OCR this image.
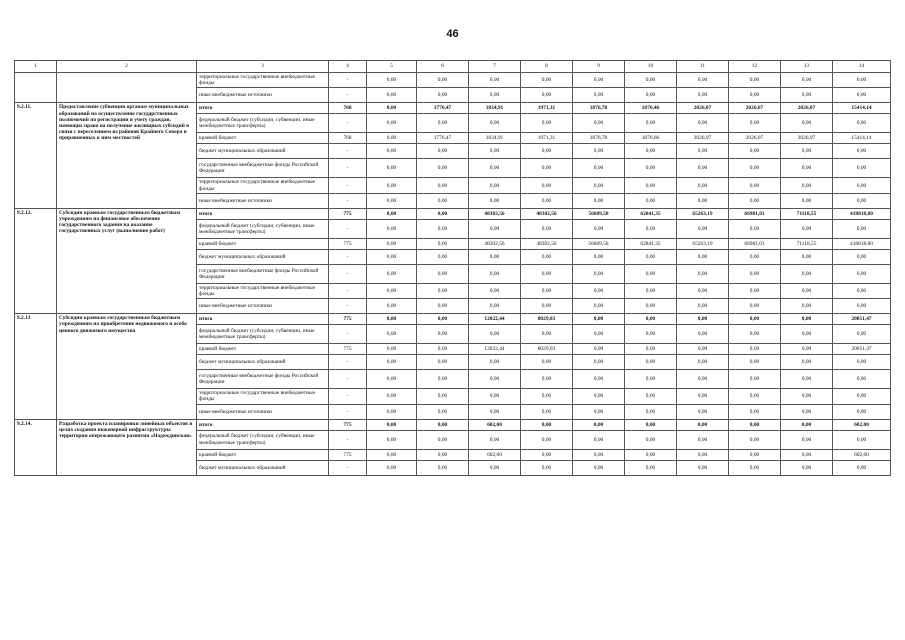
46
1	2	3	4	5	6	7	8	9	10	11	12	13	14
		территориальные государственные внебюджетные фонды	-	0,00	0,00	0,00	0,00	0,00	0,00	0,00	0,00	0,00	0,00
		иные внебюджетные источники	-	0,00	0,00	0,00	0,00	0,00	0,00	0,00	0,00	0,00	0,00
9.2.11.	Предоставление субвенции органам муниципальных образований на осуществление государственных полномочий по регистрации и учету граждан, имеющих право на получение жилищных субсидий в связи с переселением из районов Крайнего Севера и приравненных к ним местностей	итого	768	0,00	1776,47	1834,91	1971,31	1876,78	1876,46	2026,07	2026,07	2026,07	15414,14
		федеральный бюджет (субсидии, субвенции, иные межбюджетные трансферты)	-	0,00	0,00	0,00	0,00	0,00	0,00	0,00	0,00	0,00	0,00
		краевой бюджет	768	0,00	1776,47	1834,91	1971,31	1876,78	1876,66	2026,07	2026,07	2026,07	15414,14
		бюджет муниципальных образований	-	0,00	0,00	0,00	0,00	0,00	0,00	0,00	0,00	0,00	0,00
		государственные внебюджетные фонды Российской Федерации	-	0,00	0,00	0,00	0,00	0,00	0,00	0,00	0,00	0,00	0,00
		территориальные государственные внебюджетные фонды	-	0,00	0,00	0,00	0,00	0,00	0,00	0,00	0,00	0,00	0,00
		иные внебюджетные источники	-	0,00	0,00	0,00	0,00	0,00	0,00	0,00	0,00	0,00	0,00
9.2.12.	Субсидии краевым государственным бюджетным учреждениям на финансовое обеспечение государственного задания на оказание государственных услуг (выполнение работ)	итого	775	0,00	0,00	48302,56	48302,56	56609,58	62841,35	65263,19	66981,01	71118,55	418818,80
		федеральный бюджет (субсидии, субвенции, иные межбюджетные трансферты)	-	0,00	0,00	0,00	0,00	0,00	0,00	0,00	0,00	0,00	0,00
		краевой бюджет	775	0,00	0,00	48302,56	48302,56	56609,58	62841,35	65263,19	66981,01	71118,55	418818,80
		бюджет муниципальных образований	-	0,00	0,00	0,00	0,00	0,00	0,00	0,00	0,00	0,00	0,00
		государственные внебюджетные фонды Российской Федерации	-	0,00	0,00	0,00	0,00	0,00	0,00	0,00	0,00	0,00	0,00
		территориальные государственные внебюджетные фонды	-	0,00	0,00	0,00	0,00	0,00	0,00	0,00	0,00	0,00	0,00
		иные внебюджетные источники	-	0,00	0,00	0,00	0,00	0,00	0,00	0,00	0,00	0,00	0,00
9.2.13	Субсидии краевым государственным бюджетным учреждениям на приобретение недвижимого и особо ценного движимого имущества	итого	775	0,00	0,00	12022,44	8029,03	0,00	0,00	0,00	0,00	0,00	20051,47
		федеральный бюджет (субсидии, субвенции, иные межбюджетные трансферты)	-	0,00	0,00	0,00	0,00	0,00	0,00	0,00	0,00	0,00	0,00
		краевой бюджет	775	0,00	0,00	12022,44	8029,03	0,00	0,00	0,00	0,00	0,00	20051,47
		бюджет муниципальных образований	-	0,00	0,00	0,00	0,00	0,00	0,00	0,00	0,00	0,00	0,00
		государственные внебюджетные фонды Российской Федерации	-	0,00	0,00	0,00	0,00	0,00	0,00	0,00	0,00	0,00	0,00
		территориальные государственные внебюджетные фонды	-	0,00	0,00	0,00	0,00	0,00	0,00	0,00	0,00	0,00	0,00
		иные внебюджетные источники	-	0,00	0,00	0,00	0,00	0,00	0,00	0,00	0,00	0,00	0,00
9.2.14.	Разработка проекта планировки линейных объектов в целях создания инженерной инфраструктуры территории опережающего развития «Надеждинская»	итого	775	0,00	0,00	602,00	0,00	0,00	0,00	0,00	0,00	0,00	602,00
		федеральный бюджет (субсидии, субвенции, иные межбюджетные трансферты)	-	0,00	0,00	0,00	0,00	0,00	0,00	0,00	0,00	0,00	0,00
		краевой бюджет	775	0,00	0,00	602,00	0,00	0,00	0,00	0,00	0,00	0,00	602,00
		бюджет муниципальных образований	-	0,00	0,00	0,00	0,00	0,00	0,00	0,00	0,00	0,00	0,00
